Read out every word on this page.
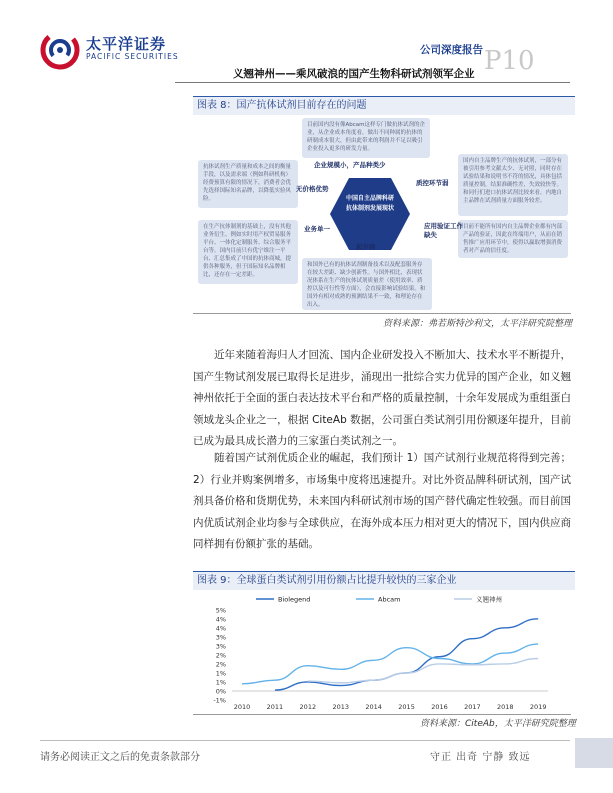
太平洋证券
PACIFIC SECURITIES
公司深度报告 P10
义翘神州——乘风破浪的国产生物科研试剂领军企业
图表 8：国产抗体试剂目前存在的问题
目前国内没有像Abcam这样专门做抗体试剂的企业，从企业成本角度看，做出不同种属的抗体的研制成本很大，但由此带来的利润并不足以吸引企业投入更多的研发力量。
国内自主品牌生产的抗体试剂，一部分有被引用参考文献太少、无对照，同时存在试验结果和说明书不符的情况，具体包括质量控制，结果准确性差，失效较快等。和同行们进口抗体试剂比较来看，内地自主品牌在试剂质量方面服务较差。
目前不能所有国内自主品牌企业都有内部产品的验证，因此在终端用户，从而在销售推广应用环节中，使得以赢取增强消费者对产品的信任度。
和国外已有的抗体试剂制备技术以及配套服务存在较大差距、缺少创新性。与国外相比，表现状况体系在生产的抗体试剂质量差（使用效率、质控以及可行性等方面），会直接影响试验结果。和国外有相对成熟的预测结果不一致，和理论存在出入。
在生产抗体制剂的基础上，没有其他业务衍生。例如实时用产权贸易服务平台、一体化定制服务、综合服务平台等。国内目前只有优宁维注一平台、汇总集成了中国的抗体商城，提供各种服务，但于国际知名品牌相比，还存在一定差距。
抗体试剂生产质量和成本之间的衡量手段，以及需求端（例如科研机构）经费预算有限的情况下，消费者会优先选择国际知名品牌，以降低实验风险。	中国自主品牌科研抗体制剂发展现状
企业规模小，产品种类少
质控环节弱
应用验证工作缺失
起步晚
业务单一
无价格优势
资料来源：弗若斯特沙利文，太平洋研究院整理
近年来随着海归人才回流、国内企业研发投入不断加大、技术水平不断提升，国产生物试剂发展已取得长足进步，涌现出一批综合实力优异的国产企业，如义翘神州依托于全面的蛋白表达技术平台和严格的质量控制，十余年发展成为重组蛋白领域龙头企业之一，根据 CiteAb 数据，公司蛋白类试剂引用份额逐年提升，目前已成为最具成长潜力的三家蛋白类试剂之一。
随着国产试剂优质企业的崛起，我们预计 1）国产试剂行业规范将得到完善；2）行业并购案例增多，市场集中度将迅速提升。对比外资品牌科研试剂，国产试剂具备价格和货期优势，未来国内科研试剂市场的国产替代确定性较强。而目前国内优质试剂企业均参与全球供应，在海外成本压力相对更大的情况下，国内供应商同样拥有份额扩张的基础。
图表 9：全球蛋白类试剂引用份额占比提升较快的三家企业
-1%
0%
1%
1%
2%
2%
3%
3%
4%
4%
5%
2010	2011	2012	2013	2014	2015	2016	2017	2018	2019
Biolegend	Abcam	义翘神州
资料来源：CiteAb，太平洋研究院整理
请务必阅读正文之后的免责条款部分	守正 出奇 宁静 致远
